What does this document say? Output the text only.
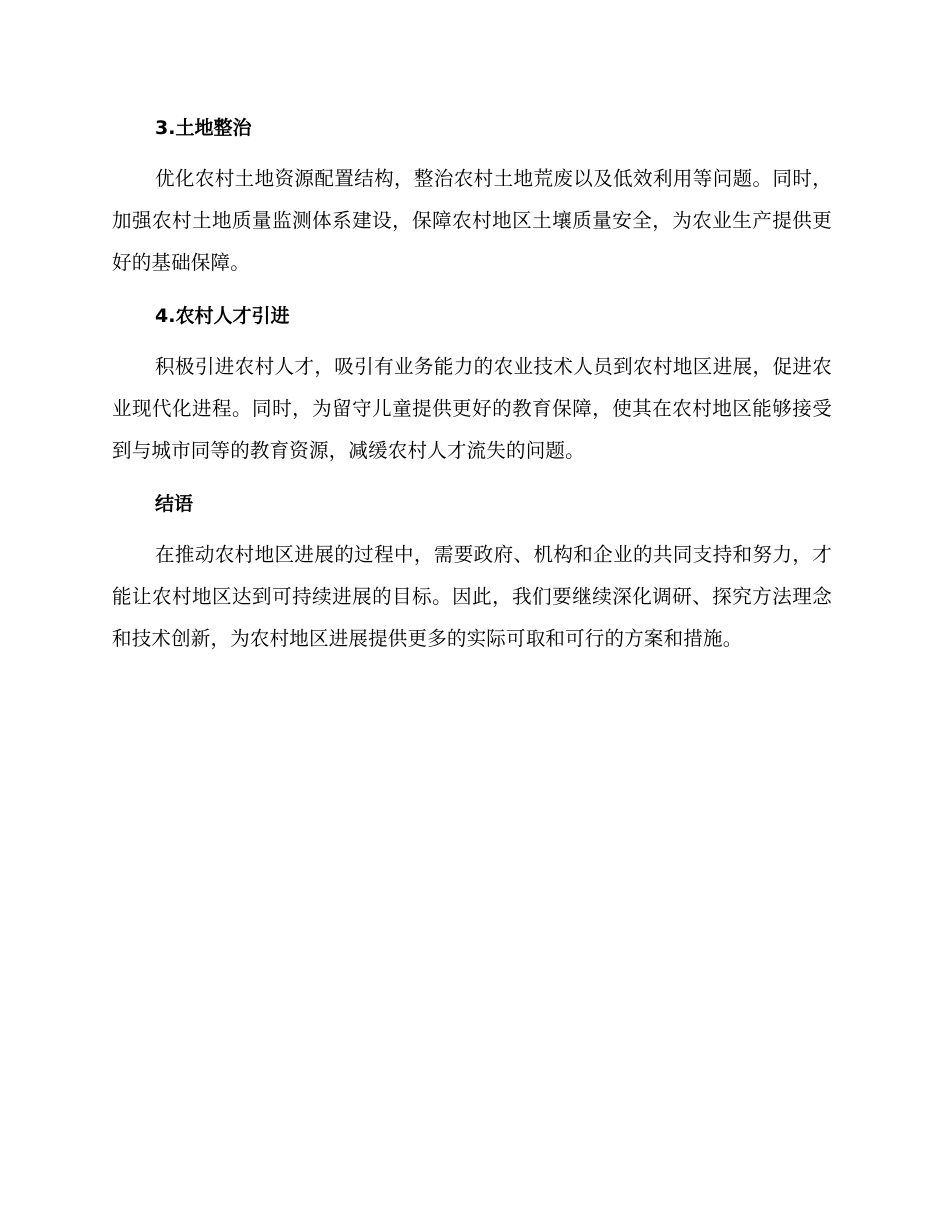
3.土地整治

优化农村土地资源配置结构，整治农村土地荒废以及低效利用等问题。同时，加强农村土地质量监测体系建设，保障农村地区土壤质量安全，为农业生产提供更好的基础保障。

4.农村人才引进

积极引进农村人才，吸引有业务能力的农业技术人员到农村地区进展，促进农业现代化进程。同时，为留守儿童提供更好的教育保障，使其在农村地区能够接受到与城市同等的教育资源，减缓农村人才流失的问题。

结语

在推动农村地区进展的过程中，需要政府、机构和企业的共同支持和努力，才能让农村地区达到可持续进展的目标。因此，我们要继续深化调研、探究方法理念和技术创新，为农村地区进展提供更多的实际可取和可行的方案和措施。
